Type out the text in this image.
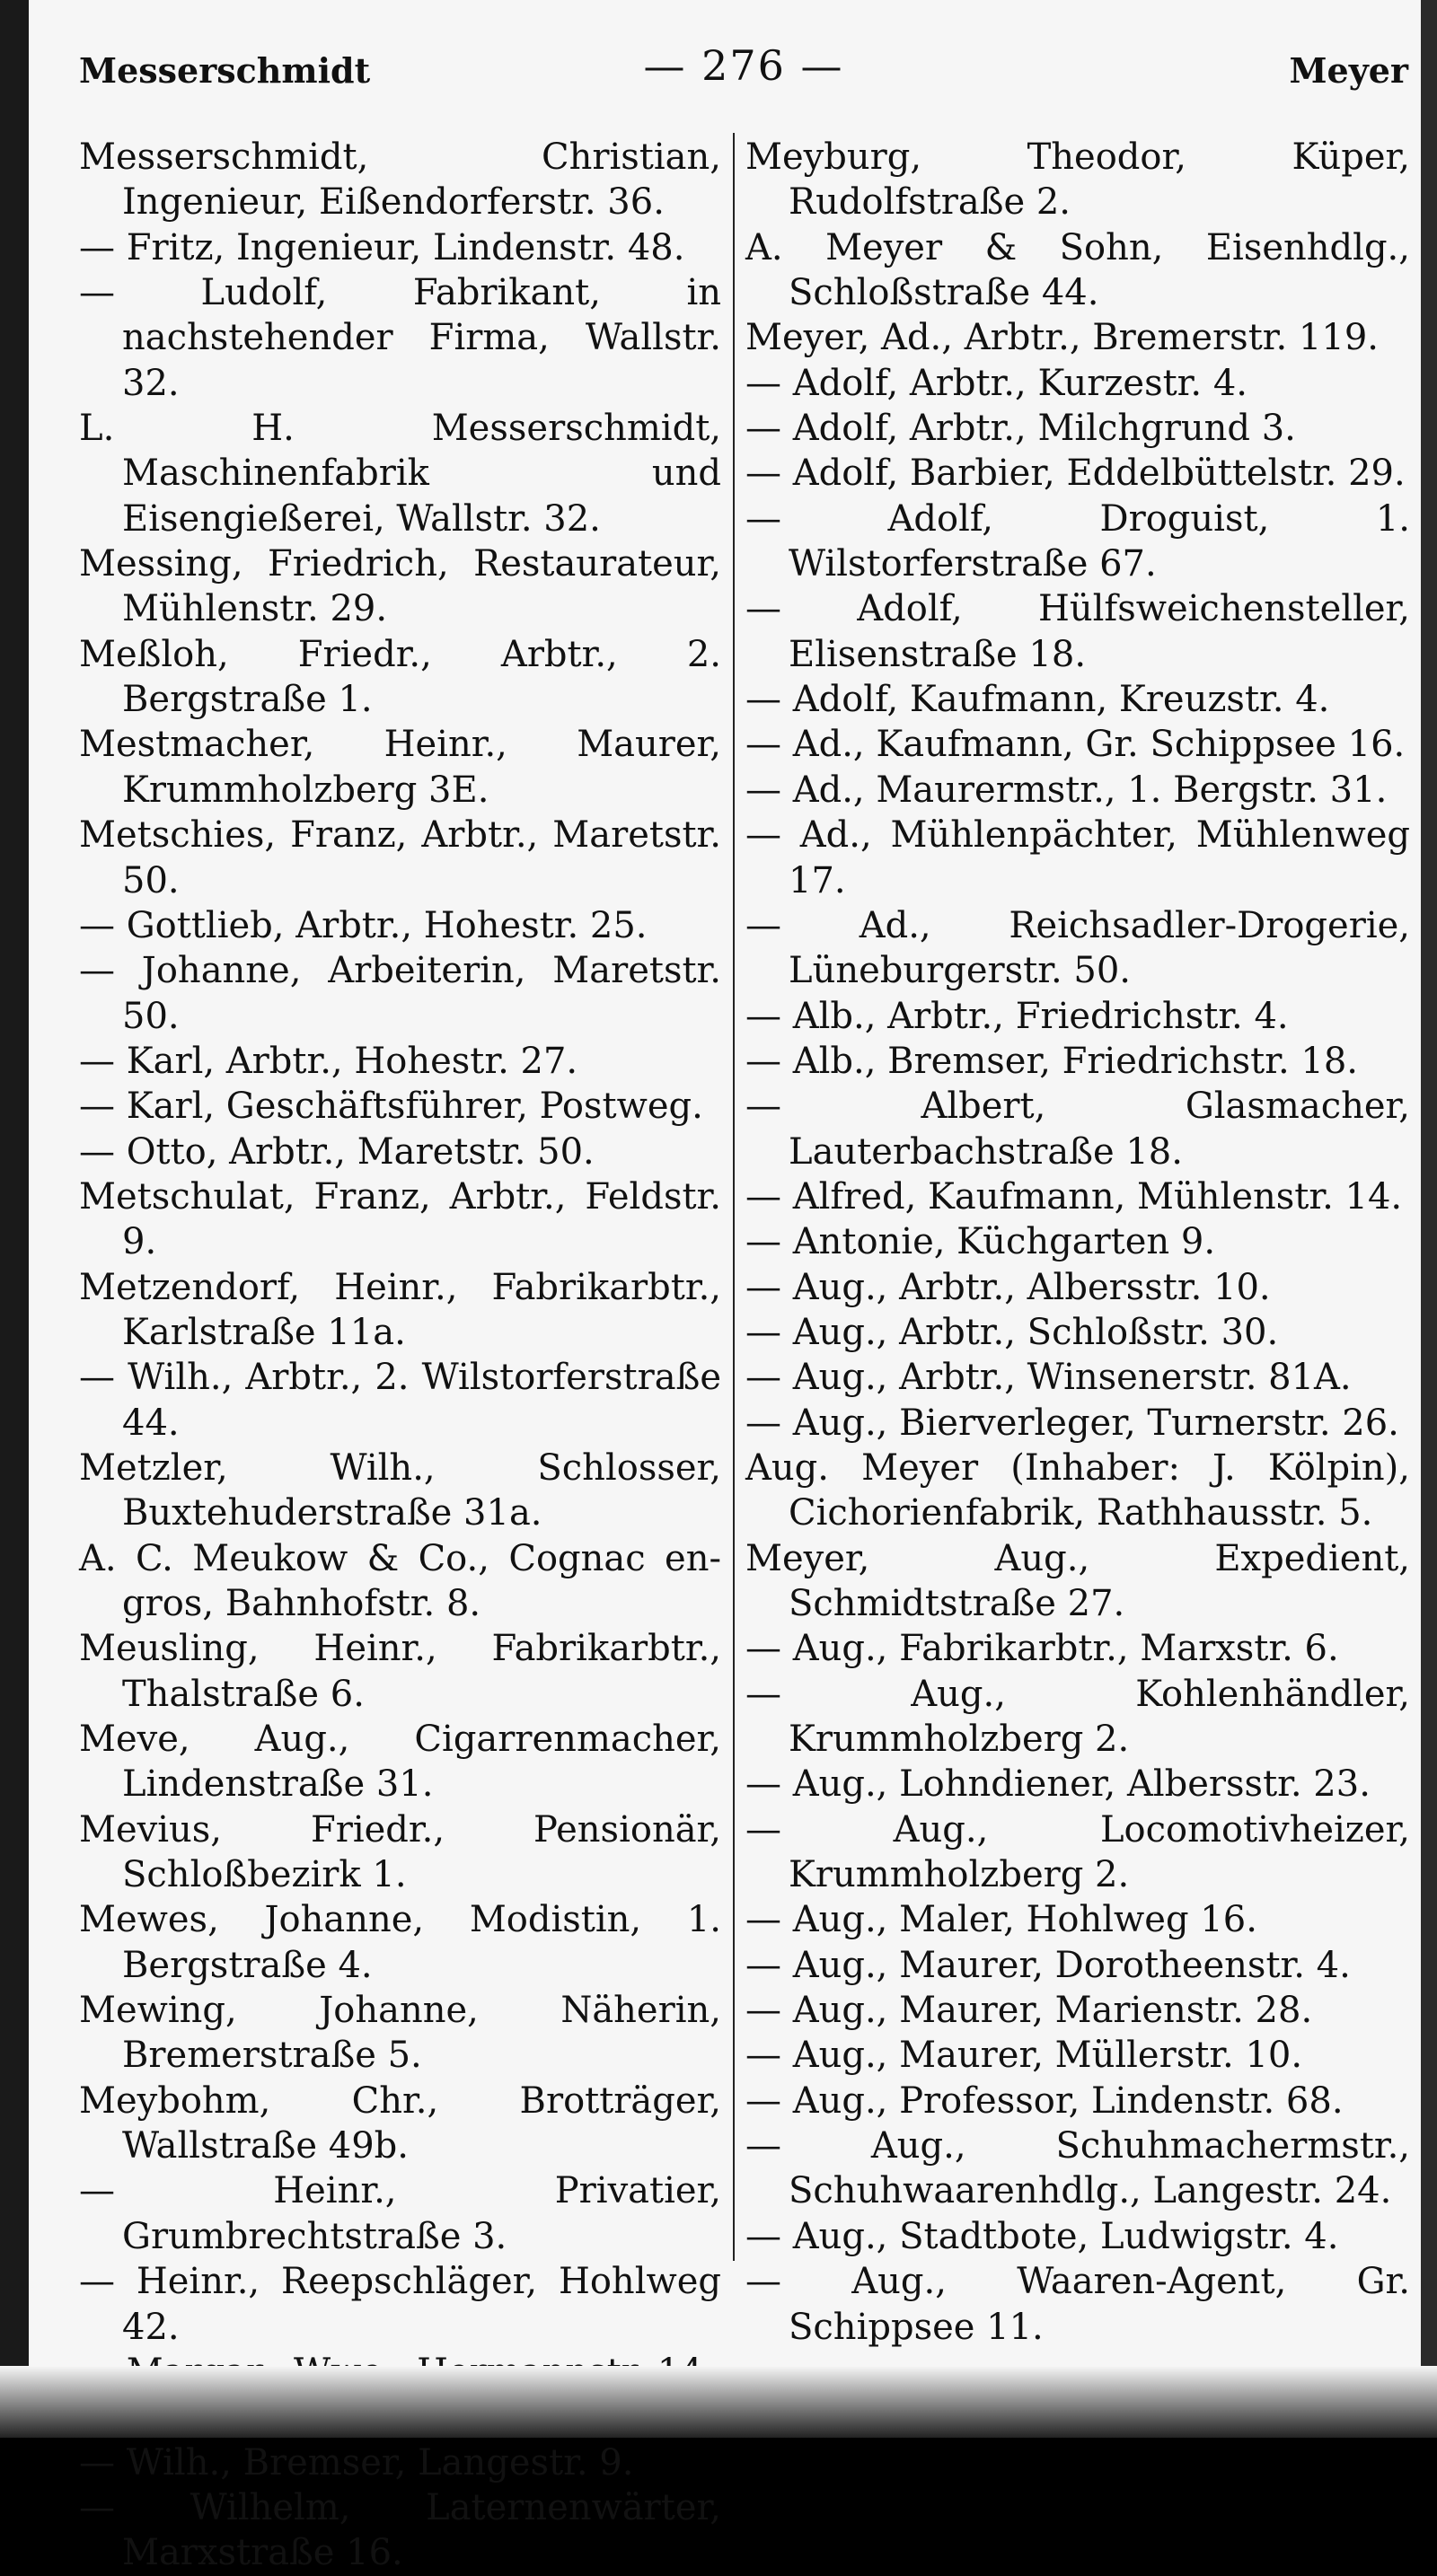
Messerschmidt	— 276 —	Meyer
Messerschmidt, Christian, Ingenieur, Eißendorferstr. 36.
— Fritz, Ingenieur, Lindenstr. 48.
— Ludolf, Fabrikant, in nachstehender Firma, Wallstr. 32.
L. H. Messerschmidt, Maschinenfabrik und Eisengießerei, Wallstr. 32.
Messing, Friedrich, Restaurateur, Mühlenstr. 29.
Meßloh, Friedr., Arbtr., 2. Bergstraße 1.
Mestmacher, Heinr., Maurer, Krummholzberg 3E.
Metschies, Franz, Arbtr., Maretstr. 50.
— Gottlieb, Arbtr., Hohestr. 25.
— Johanne, Arbeiterin, Maretstr. 50.
— Karl, Arbtr., Hohestr. 27.
— Karl, Geschäftsführer, Postweg.
— Otto, Arbtr., Maretstr. 50.
Metschulat, Franz, Arbtr., Feldstr. 9.
Metzendorf, Heinr., Fabrikarbtr., Karlstraße 11a.
— Wilh., Arbtr., 2. Wilstorferstraße 44.
Metzler, Wilh., Schlosser, Buxtehuderstraße 31a.
A. C. Meukow & Co., Cognac en-gros, Bahnhofstr. 8.
Meusling, Heinr., Fabrikarbtr., Thalstraße 6.
Meve, Aug., Cigarrenmacher, Lindenstraße 31.
Mevius, Friedr., Pensionär, Schloßbezirk 1.
Mewes, Johanne, Modistin, 1. Bergstraße 4.
Mewing, Johanne, Näherin, Bremerstraße 5.
Meybohm, Chr., Brotträger, Wallstraße 49b.
— Heinr., Privatier, Grumbrechtstraße 3.
— Heinr., Reepschläger, Hohlweg 42.
— Wilh., Bremser, Langestr. 9.
— Wilhelm, Laternenwärter, Marxstraße 16.
Meyburg, Theodor, Küper, Rudolfstraße 2.
A. Meyer & Sohn, Eisenhdlg., Schloßstraße 44.
Meyer, Ad., Arbtr., Bremerstr. 119.
— Adolf, Arbtr., Kurzestr. 4.
— Adolf, Arbtr., Milchgrund 3.
— Adolf, Barbier, Eddelbüttelstr. 29.
— Adolf, Droguist, 1. Wilstorferstraße 67.
— Adolf, Hülfsweichensteller, Elisenstraße 18.
— Adolf, Kaufmann, Kreuzstr. 4.
— Ad., Kaufmann, Gr. Schippsee 16.
— Ad., Maurermstr., 1. Bergstr. 31.
— Ad., Mühlenpächter, Mühlenweg 17.
— Ad., Reichsadler-Drogerie, Lüneburgerstr. 50.
— Alb., Arbtr., Friedrichstr. 4.
— Alb., Bremser, Friedrichstr. 18.
— Albert, Glasmacher, Lauterbachstraße 18.
— Alfred, Kaufmann, Mühlenstr. 14.
— Antonie, Küchgarten 9.
— Aug., Arbtr., Albersstr. 10.
— Aug., Arbtr., Schloßstr. 30.
— Aug., Arbtr., Winsenerstr. 81A.
— Aug., Bierverleger, Turnerstr. 26.
Aug. Meyer (Inhaber: J. Kölpin), Cichorienfabrik, Rathhausstr. 5.
Meyer, Aug., Expedient, Schmidtstraße 27.
— Aug., Fabrikarbtr., Marxstr. 6.
— Aug., Kohlenhändler, Krummholzberg 2.
— Aug., Lohndiener, Albersstr. 23.
— Aug., Locomotivheizer, Krummholzberg 2.
— Aug., Maler, Hohlweg 16.
— Aug., Maurer, Dorotheenstr. 4.
— Aug., Maurer, Marienstr. 28.
— Aug., Maurer, Müllerstr. 10.
— Aug., Professor, Lindenstr. 68.
— Aug., Schuhmachermstr., Schuhwaarenhdlg., Langestr. 24.
— Aug., Stadtbote, Ludwigstr. 4.
— Aug., Waaren-Agent, Gr. Schippsee 11.
